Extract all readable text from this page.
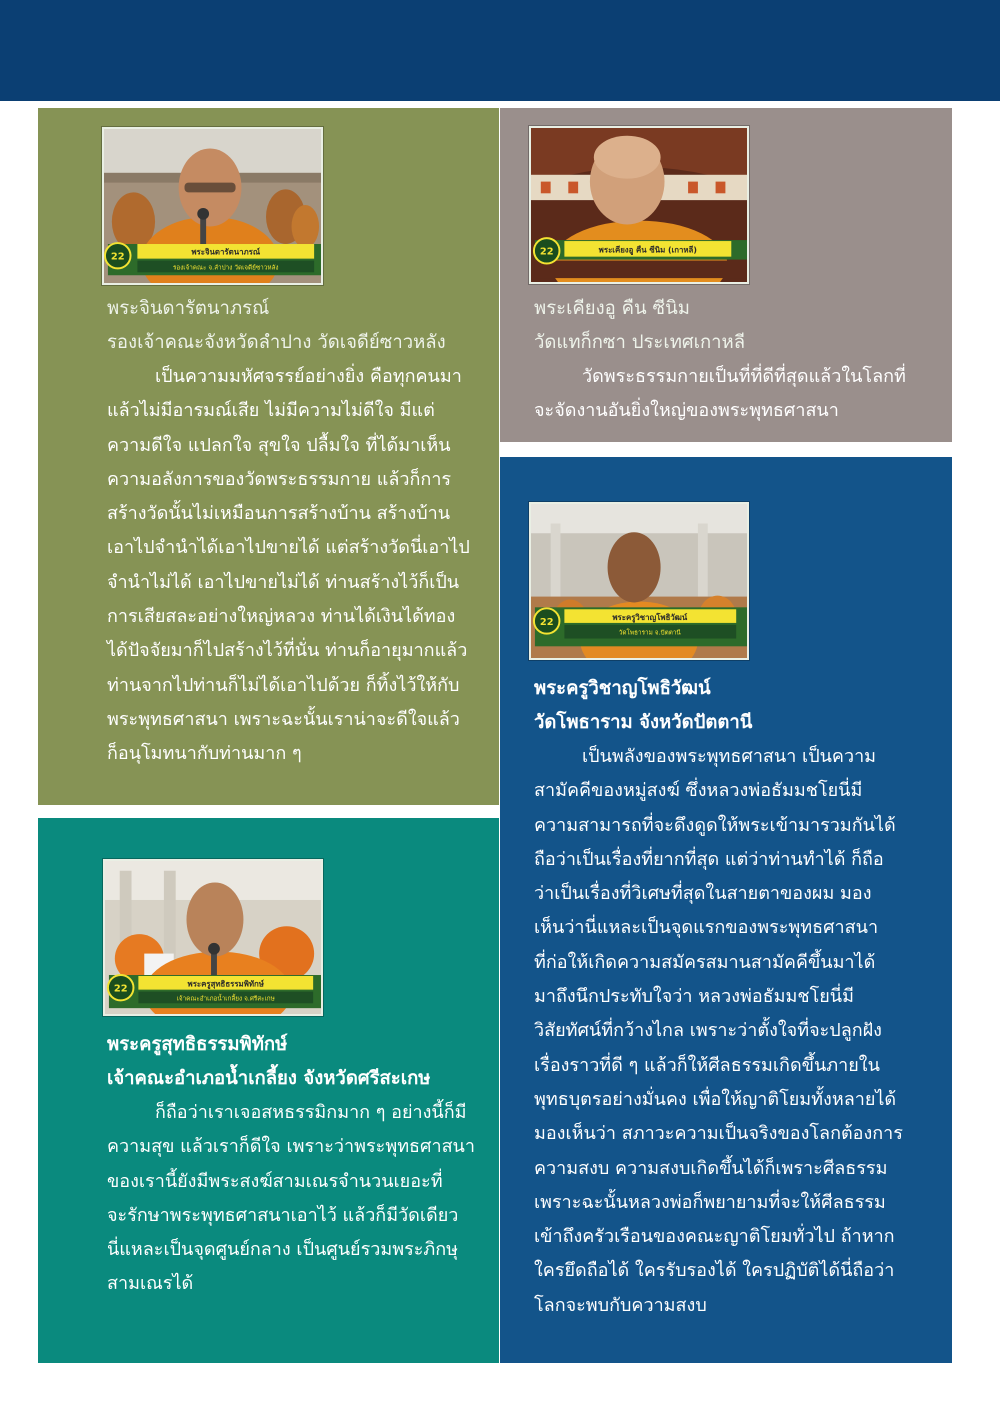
22	พระจินดารัตนาภรณ์
รองเจ้าคณะ จ.ลำปาง วัดเจดีย์ซาวหลัง

พระจินดารัตนาภรณ์

รองเจ้าคณะจังหวัดลำปาง วัดเจดีย์ซาวหลัง

เป็นความมหัศจรรย์อย่างยิ่ง คือทุกคนมา
แล้วไม่มีอารมณ์เสีย ไม่มีความไม่ดีใจ มีแต่
ความดีใจ แปลกใจ สุขใจ ปลื้มใจ ที่ได้มาเห็น
ความอลังการของวัดพระธรรมกาย แล้วก็การ
สร้างวัดนั้นไม่เหมือนการสร้างบ้าน สร้างบ้าน
เอาไปจำนำได้เอาไปขายได้ แต่สร้างวัดนี่เอาไป
จำนำไม่ได้ เอาไปขายไม่ได้ ท่านสร้างไว้ก็เป็น
การเสียสละอย่างใหญ่หลวง ท่านได้เงินได้ทอง
ได้ปัจจัยมาก็ไปสร้างไว้ที่นั่น ท่านก็อายุมากแล้ว
ท่านจากไปท่านก็ไม่ได้เอาไปด้วย ก็ทิ้งไว้ให้กับ
พระพุทธศาสนา เพราะฉะนั้นเราน่าจะดีใจแล้ว
ก็อนุโมทนากับท่านมาก ๆ
22	พระเคียงอู คืน ซีนิม (เกาหลี)

พระเคียงอู คืน ซีนิม

วัดแทก็กซา ประเทศเกาหลี

วัดพระธรรมกายเป็นที่ที่ดีที่สุดแล้วในโลกที่
จะจัดงานอันยิ่งใหญ่ของพระพุทธศาสนา
22	พระครูวิชาญโพธิวัฒน์
วัดโพธาราม จ.ปัตตานี

พระครูวิชาญโพธิวัฒน์

วัดโพธาราม จังหวัดปัตตานี

เป็นพลังของพระพุทธศาสนา เป็นความ
สามัคคีของหมู่สงฆ์ ซึ่งหลวงพ่อธัมมชโยนี่มี
ความสามารถที่จะดึงดูดให้พระเข้ามารวมกันได้
ถือว่าเป็นเรื่องที่ยากที่สุด แต่ว่าท่านทำได้ ก็ถือ
ว่าเป็นเรื่องที่วิเศษที่สุดในสายตาของผม มอง
เห็นว่านี่แหละเป็นจุดแรกของพระพุทธศาสนา
ที่ก่อให้เกิดความสมัครสมานสามัคคีขึ้นมาได้
มาถึงนึกประทับใจว่า หลวงพ่อธัมมชโยนี่มี
วิสัยทัศน์ที่กว้างไกล เพราะว่าตั้งใจที่จะปลูกฝัง
เรื่องราวที่ดี ๆ แล้วก็ให้ศีลธรรมเกิดขึ้นภายใน
พุทธบุตรอย่างมั่นคง เพื่อให้ญาติโยมทั้งหลายได้
มองเห็นว่า สภาวะความเป็นจริงของโลกต้องการ
ความสงบ ความสงบเกิดขึ้นได้ก็เพราะศีลธรรม
เพราะฉะนั้นหลวงพ่อก็พยายามที่จะให้ศีลธรรม
เข้าถึงครัวเรือนของคณะญาติโยมทั่วไป ถ้าหาก
ใครยึดถือได้ ใครรับรองได้ ใครปฏิบัติได้นี่ถือว่า
โลกจะพบกับความสงบ
22	พระครูสุทธิธรรมพิทักษ์
เจ้าคณะอำเภอน้ำเกลี้ยง จ.ศรีสะเกษ

พระครูสุทธิธรรมพิทักษ์

เจ้าคณะอำเภอน้ำเกลี้ยง จังหวัดศรีสะเกษ

ก็ถือว่าเราเจอสหธรรมิกมาก ๆ อย่างนี้ก็มี
ความสุข แล้วเราก็ดีใจ เพราะว่าพระพุทธศาสนา
ของเรานี้ยังมีพระสงฆ์สามเณรจำนวนเยอะที่
จะรักษาพระพุทธศาสนาเอาไว้ แล้วก็มีวัดเดียว
นี่แหละเป็นจุดศูนย์กลาง เป็นศูนย์รวมพระภิกษุ
สามเณรได้
